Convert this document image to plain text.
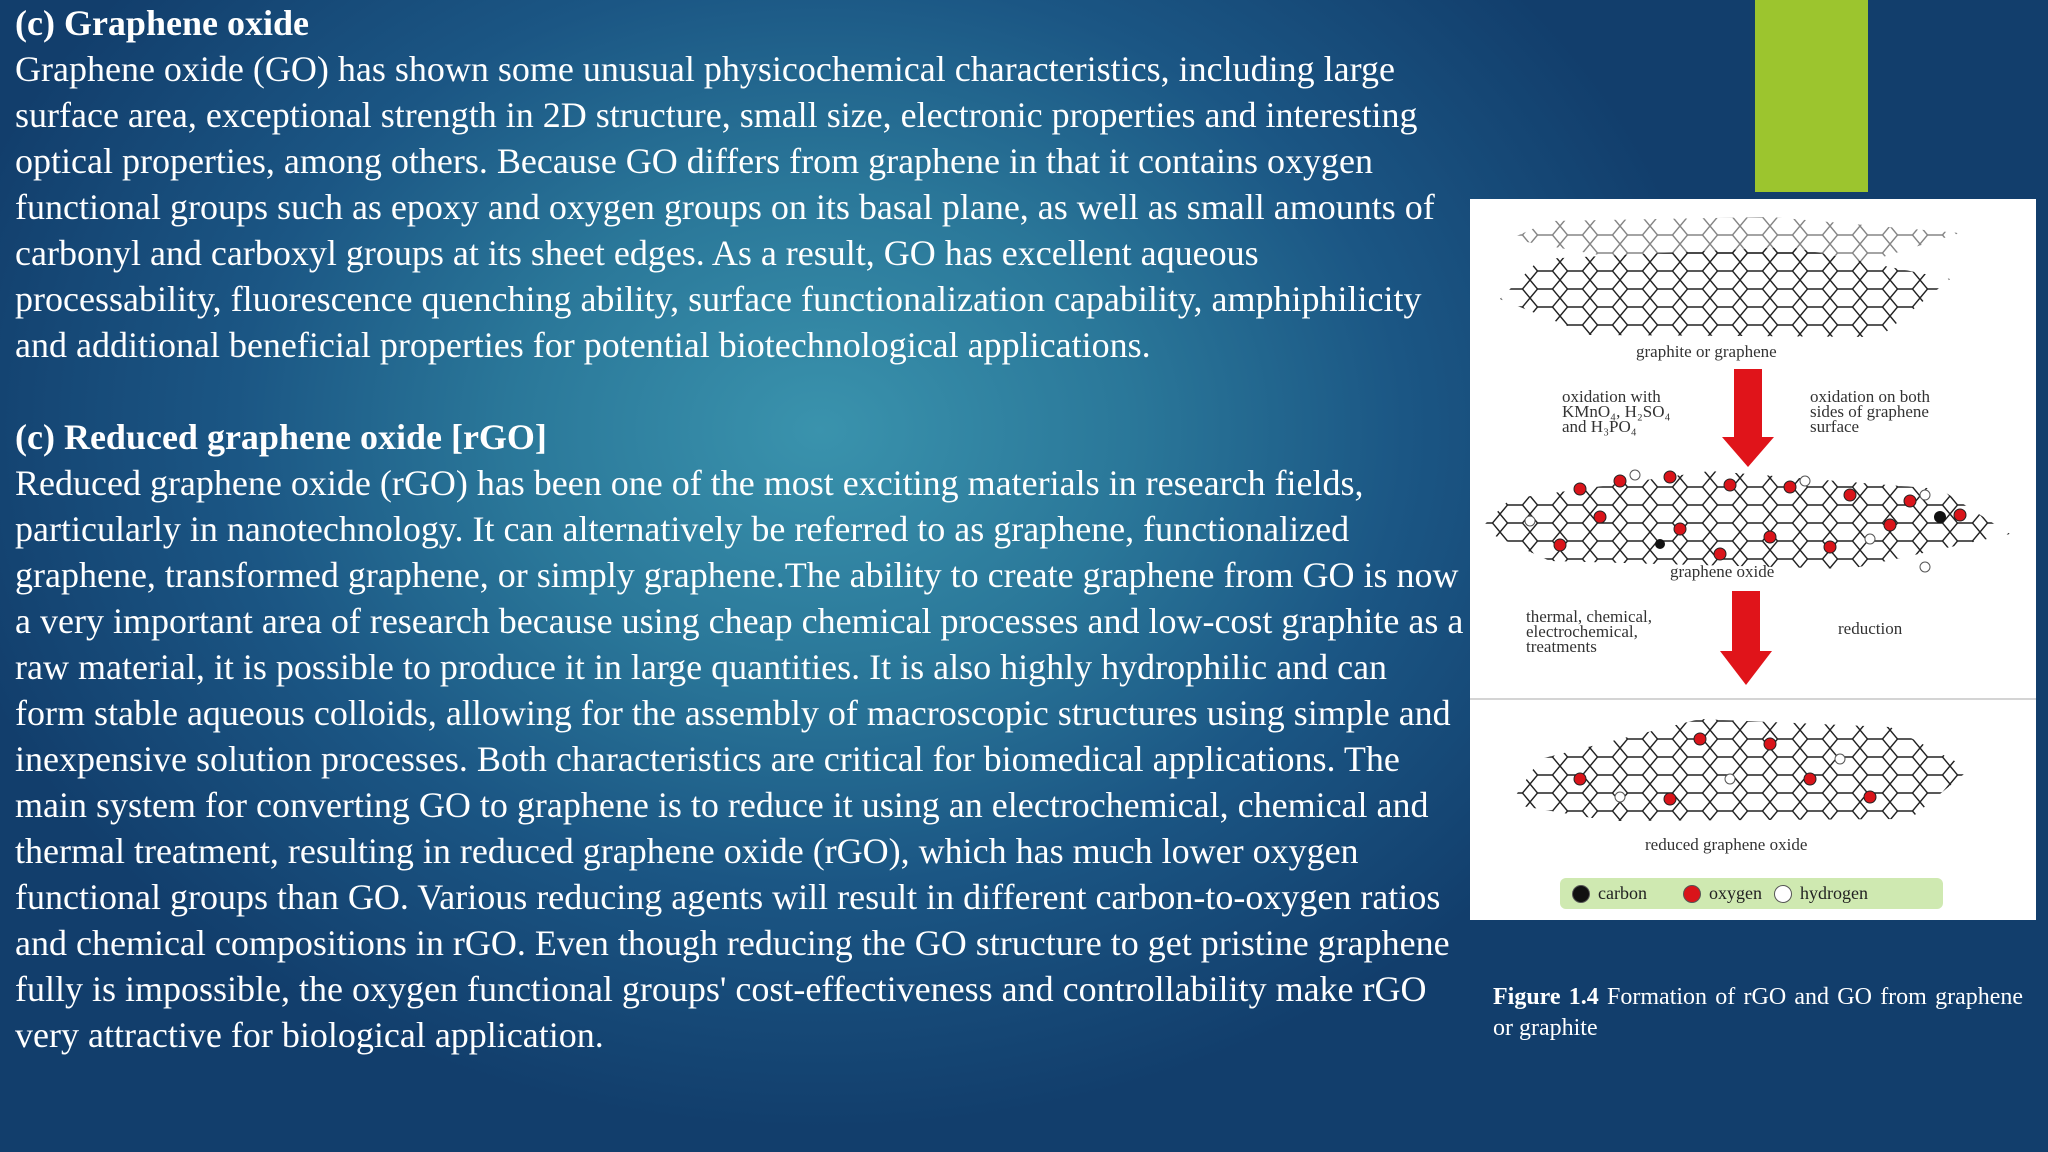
(c) Graphene oxide

Graphene oxide (GO) has shown some unusual physicochemical characteristics, including large surface area, exceptional strength in 2D structure, small size, electronic properties and interesting optical properties, among others. Because GO differs from graphene in that it contains oxygen functional groups such as epoxy and oxygen groups on its basal plane, as well as small amounts of carbonyl and carboxyl groups at its sheet edges. As a result, GO has excellent aqueous processability, fluorescence quenching ability, surface functionalization capability, amphiphilicity and additional beneficial properties for potential biotechnological applications.

(c) Reduced graphene oxide [rGO]

Reduced graphene oxide (rGO) has been one of the most exciting materials in research fields, particularly in nanotechnology. It can alternatively be referred to as graphene, functionalized graphene, transformed graphene, or simply graphene.The ability to create graphene from GO is now a very important area of research because using cheap chemical processes and low-cost graphite as a raw material, it is possible to produce it in large quantities. It is also highly hydrophilic and can form stable aqueous colloids, allowing for the assembly of macroscopic structures using simple and inexpensive solution processes. Both characteristics are critical for biomedical applications. The main system for converting GO to graphene is to reduce it using an electrochemical, chemical and thermal treatment, resulting in reduced graphene oxide (rGO), which has much lower oxygen functional groups than GO. Various reducing agents will result in different carbon-to-oxygen ratios and chemical compositions in rGO. Even though reducing the GO structure to get pristine graphene fully is impossible, the oxygen functional groups' cost-effectiveness and controllability make rGO very attractive for biological application.

graphite or graphene
oxidation with
KMnO₄, H₂SO₄
and H₃PO₄
oxidation on both
sides of graphene
surface
graphene oxide
thermal, chemical,
electrochemical,
treatments
reduction
reduced graphene oxide
carbon	oxygen hydrogen
Figure 1.4 Formation of rGO and GO from graphene or graphite
